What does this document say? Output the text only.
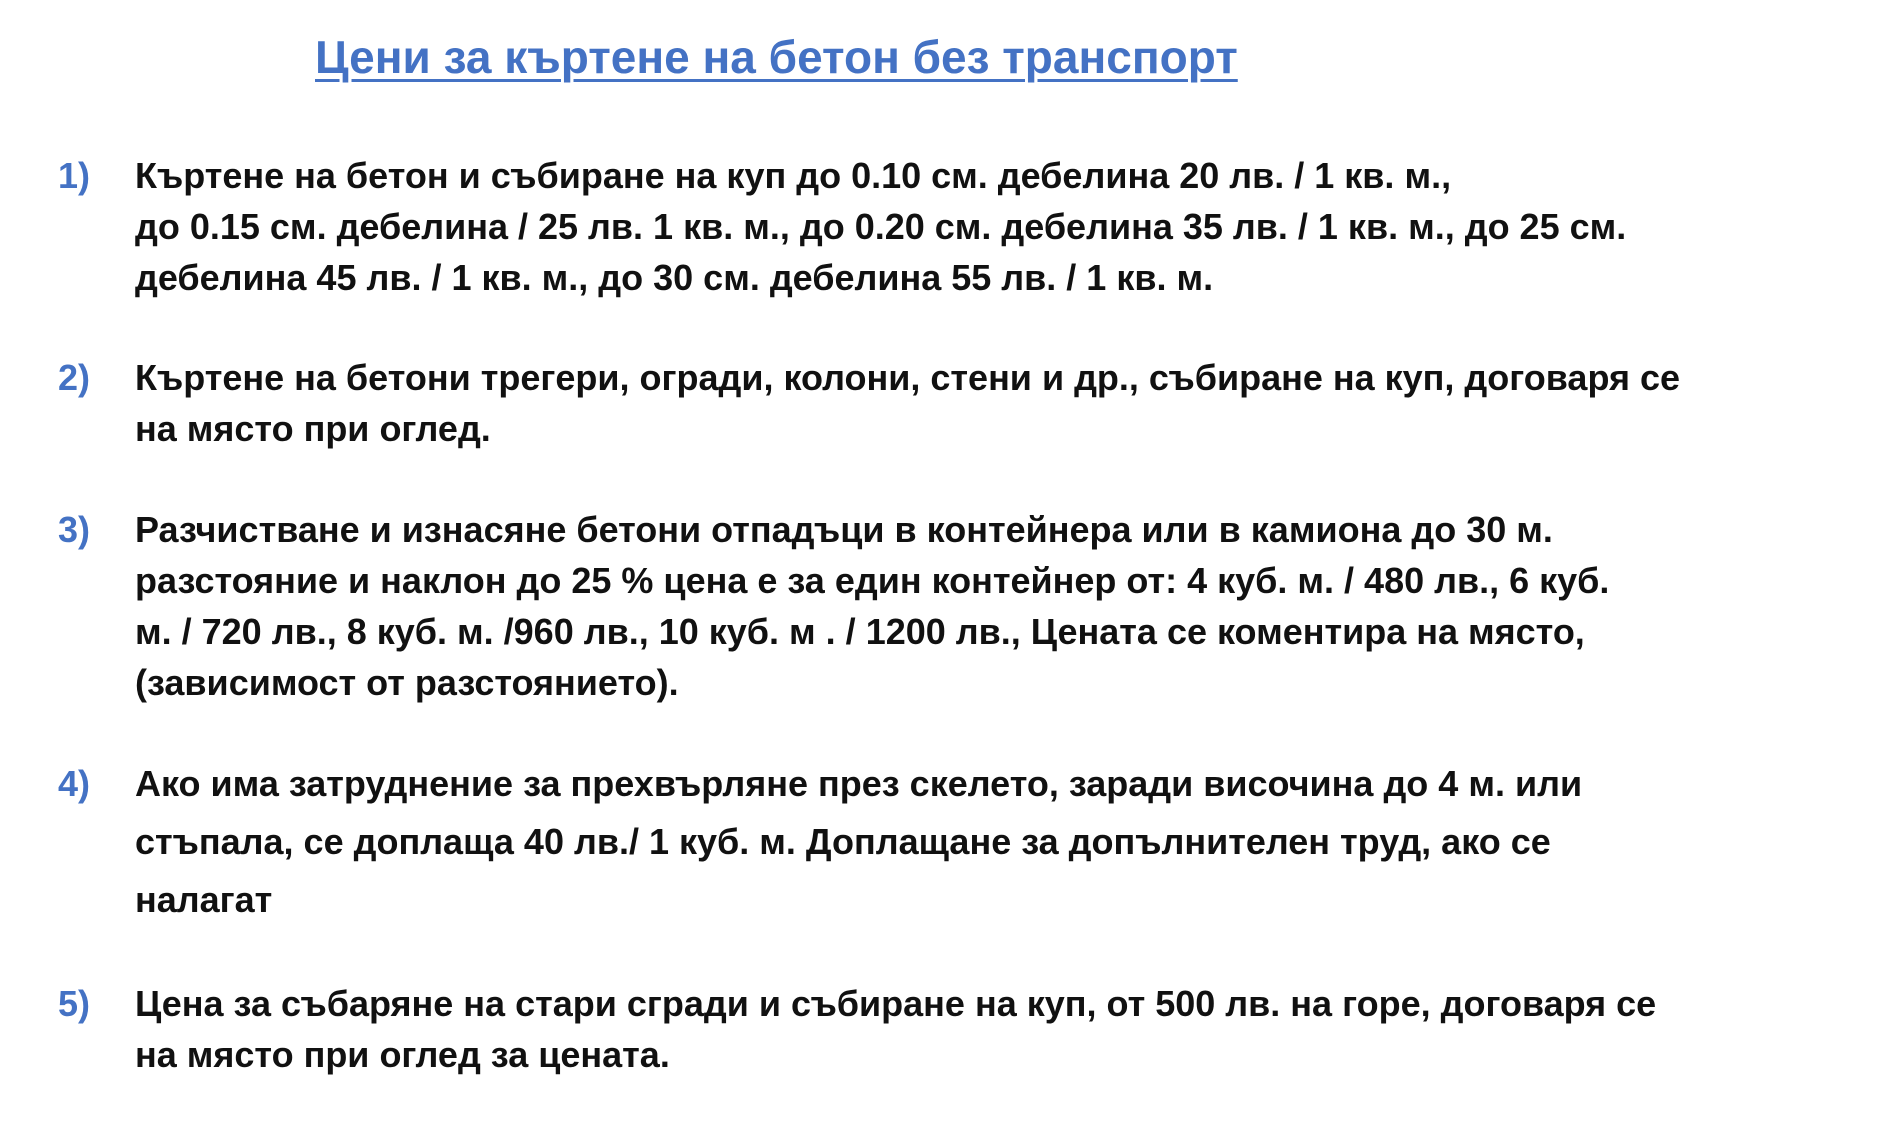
Цени за къртене на бетон без транспорт
1) Къртене на бетон и събиране на куп до 0.10 см. дебелина 20 лв. / 1 кв. м.,
до 0.15 см. дебелина / 25 лв. 1 кв. м., до 0.20 см. дебелина 35 лв. / 1 кв. м., до 25 см.
дебелина 45 лв. / 1 кв. м., до 30 см. дебелина 55 лв. / 1 кв. м.
2) Къртене на бетони трегери, огради, колони, стени и др., събиране на куп, договаря се
на място при оглед.
3) Разчистване и изнасяне бетони отпадъци в контейнера или в камиона до 30 м.
разстояние и наклон до 25 % цена е за един контейнер от: 4 куб. м. / 480 лв., 6 куб.
м. / 720 лв., 8 куб. м. /960 лв., 10 куб. м . / 1200 лв., Цената се коментира на място,
(зависимост от разстоянието).
4) Ако има затруднение за прехвърляне през скелето, заради височина до 4 м. или
стъпала, се доплаща 40 лв./ 1 куб. м. Доплащане за допълнителен труд, ако се
налагат
5) Цена за събаряне на стари сгради и събиране на куп, от 500 лв. на горе, договаря се
на място при оглед за цената.
